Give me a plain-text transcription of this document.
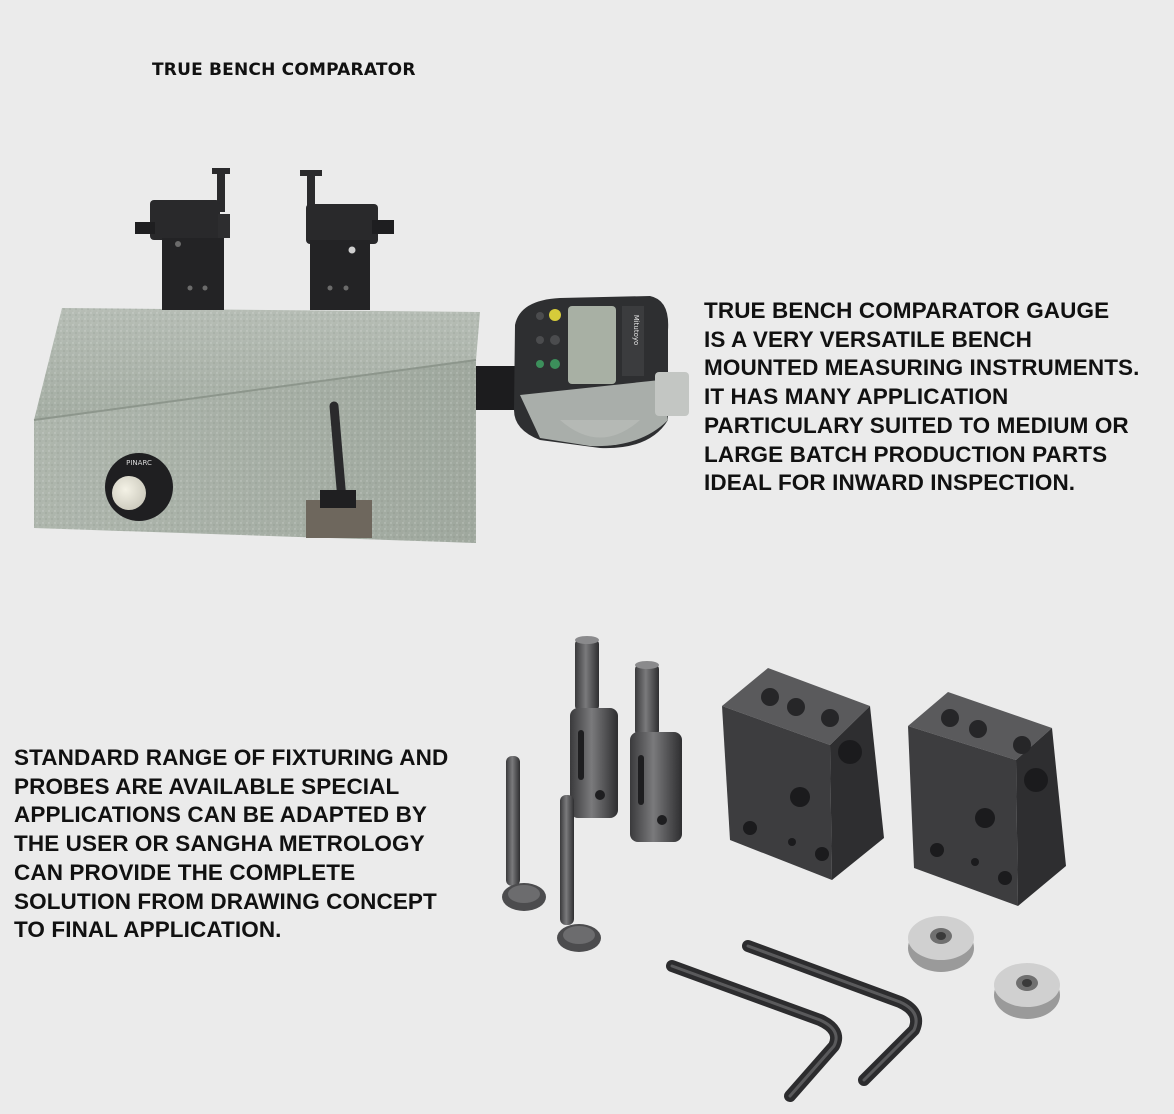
TRUE BENCH COMPARATOR
PINARC
Mitutoyo
TRUE BENCH COMPARATOR GAUGE
IS A VERY VERSATILE BENCH
MOUNTED MEASURING INSTRUMENTS.
IT HAS MANY APPLICATION
PARTICULARY SUITED TO MEDIUM OR
LARGE BATCH PRODUCTION PARTS
IDEAL FOR INWARD INSPECTION.
STANDARD RANGE OF FIXTURING AND
PROBES ARE AVAILABLE SPECIAL
APPLICATIONS CAN BE ADAPTED BY
THE USER OR SANGHA METROLOGY
CAN PROVIDE THE COMPLETE
SOLUTION FROM DRAWING CONCEPT
TO FINAL APPLICATION.
